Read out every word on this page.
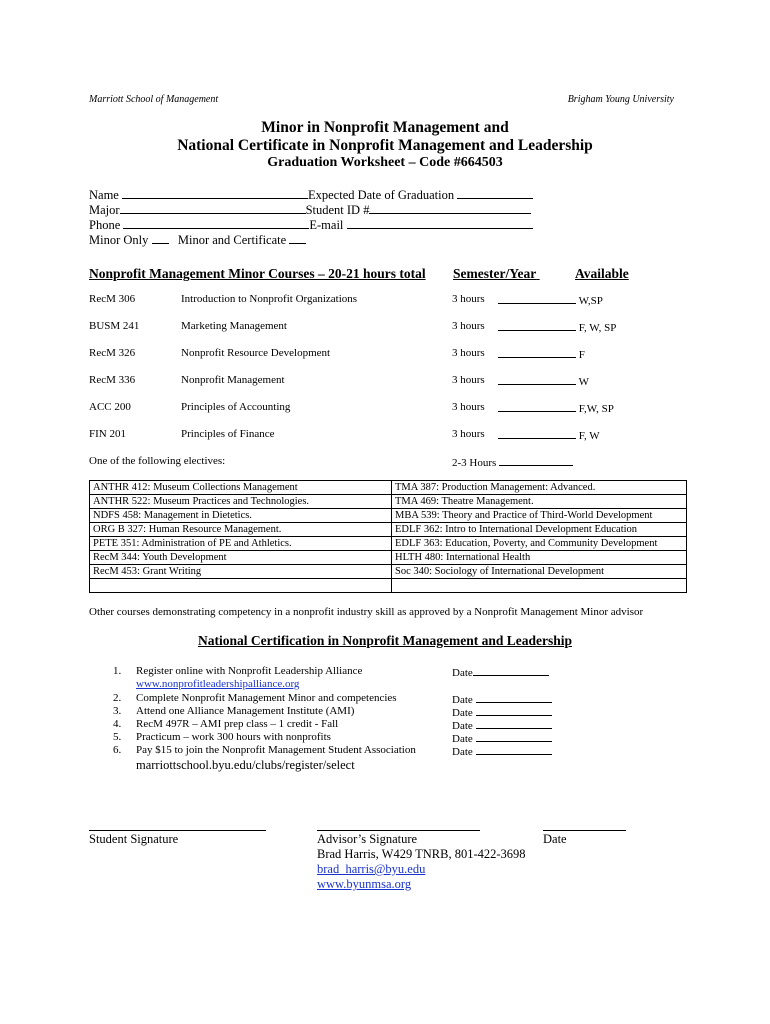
Marriott School of Management	Brigham Young University
Minor in Nonprofit Management and
National Certificate in Nonprofit Management and Leadership
Graduation Worksheet – Code #664503
Name	Expected Date of Graduation
Major	Student ID #
Phone	E-mail
Minor Only Minor and Certificate
Nonprofit Management Minor Courses – 20-21 hours total Semester/Year	Available
RecM 306	Introduction to Nonprofit Organizations	3 hours	W,SP
BUSM 241	Marketing Management	3 hours	F, W, SP
RecM 326	Nonprofit Resource Development	3 hours	F
RecM 336	Nonprofit Management	3 hours	W
ACC 200	Principles of Accounting	3 hours	F,W, SP
FIN 201	Principles of Finance	3 hours	F, W
One of the following electives:	2-3 Hours
ANTHR 412: Museum Collections Management	TMA 387: Production Management: Advanced.
ANTHR 522: Museum Practices and Technologies.	TMA 469: Theatre Management.
NDFS 458: Management in Dietetics.	MBA 539: Theory and Practice of Third-World Development
ORG B 327: Human Resource Management.	EDLF 362: Intro to International Development Education
PETE 351: Administration of PE and Athletics.	EDLF 363: Education, Poverty, and Community Development
RecM 344: Youth Development	HLTH 480: International Health
RecM 453: Grant Writing	Soc 340: Sociology of International Development

Other courses demonstrating competency in a nonprofit industry skill as approved by a Nonprofit Management Minor advisor
National Certification in Nonprofit Management and Leadership
1. Register online with Nonprofit Leadership Alliance	Date
www.nonprofitleadershipalliance.org
2. Complete Nonprofit Management Minor and competencies	Date
3. Attend one Alliance Management Institute (AMI)	Date
4. RecM 497R – AMI prep class – 1 credit - Fall	Date
5. Practicum – work 300 hours with nonprofits	Date
6. Pay $15 to join the Nonprofit Management Student Association	Date
marriottschool.byu.edu/clubs/register/select
Student Signature	Advisor’s Signature	Date
Brad Harris, W429 TNRB, 801-422-3698
brad_harris@byu.edu
www.byunmsa.org
